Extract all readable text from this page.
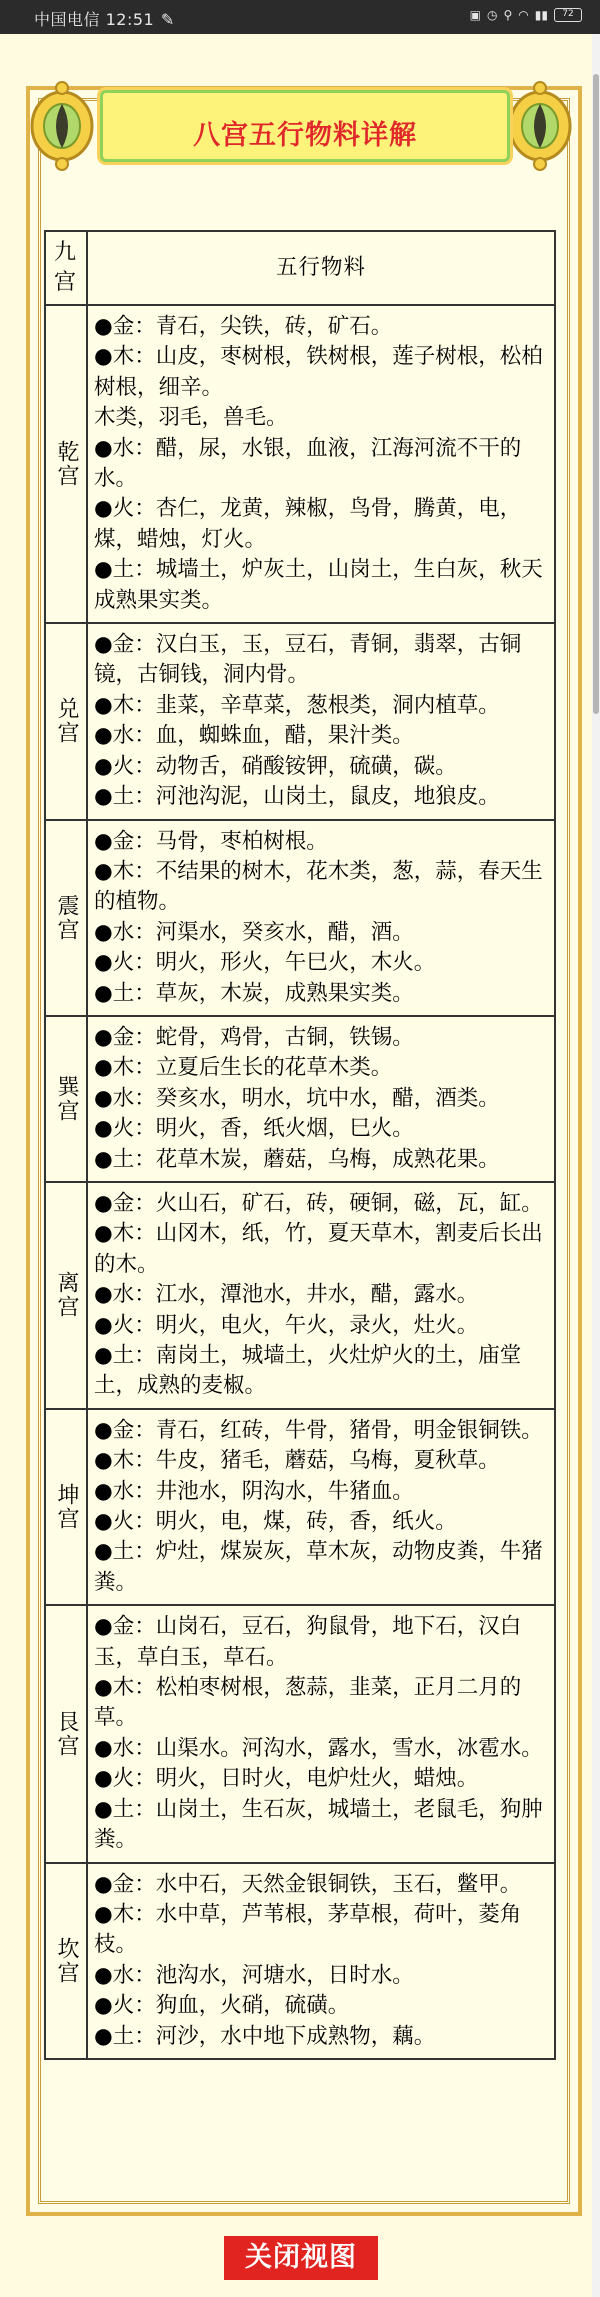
中国电信 12:51 ✎	▣ ◷ ⚲ ◠ ▮▮	72
八宫五行物料详解
九宫
五行物料
乾宫

●金：青石，尖铁，砖，矿石。

●木：山皮，枣树根，铁树根，莲子树根，松柏树根，细辛。

木类，羽毛，兽毛。

●水：醋，尿，水银，血液，江海河流不干的水。

●火：杏仁，龙黄，辣椒，鸟骨，腾黄，电，煤，蜡烛，灯火。

●土：城墙土，炉灰土，山岗土，生白灰，秋天成熟果实类。

兑宫

●金：汉白玉，玉，豆石，青铜，翡翠，古铜镜，古铜钱，洞内骨。

●木：韭菜，辛草菜，葱根类，洞内植草。

●水：血，蜘蛛血，醋，果汁类。

●火：动物舌，硝酸铵钾，硫磺，碳。

●土：河池沟泥，山岗土，鼠皮，地狼皮。

震宫

●金：马骨，枣柏树根。

●木：不结果的树木，花木类，葱，蒜，春天生的植物。

●水：河渠水，癸亥水，醋，酒。

●火：明火，形火，午巳火，木火。

●土：草灰，木炭，成熟果实类。

巽宫

●金：蛇骨，鸡骨，古铜，铁锡。

●木：立夏后生长的花草木类。

●水：癸亥水，明水，坑中水，醋，酒类。

●火：明火，香，纸火烟，巳火。

●土：花草木炭，蘑菇，乌梅，成熟花果。

离宫

●金：火山石，矿石，砖，硬铜，磁，瓦，缸。

●木：山冈木，纸，竹，夏天草木，割麦后长出的木。

●水：江水，潭池水，井水，醋，露水。

●火：明火，电火，午火，录火，灶火。

●土：南岗土，城墙土，火灶炉火的土，庙堂土，成熟的麦椒。

坤宫

●金：青石，红砖，牛骨，猪骨，明金银铜铁。

●木：牛皮，猪毛，蘑菇，乌梅，夏秋草。

●水：井池水，阴沟水，牛猪血。

●火：明火，电，煤，砖，香，纸火。

●土：炉灶，煤炭灰，草木灰，动物皮粪，牛猪粪。

艮宫

●金：山岗石，豆石，狗鼠骨，地下石，汉白玉，草白玉，草石。

●木：松柏枣树根，葱蒜，韭菜，正月二月的草。

●水：山渠水。河沟水，露水，雪水，冰雹水。

●火：明火，日时火，电炉灶火，蜡烛。

●土：山岗土，生石灰，城墙土，老鼠毛，狗肿粪。

坎宫

●金：水中石，天然金银铜铁，玉石，鳖甲。

●木：水中草，芦苇根，茅草根，荷叶，菱角枝。

●水：池沟水，河塘水，日时水。

●火：狗血，火硝，硫磺。

●土：河沙，水中地下成熟物，藕。

关闭视图
